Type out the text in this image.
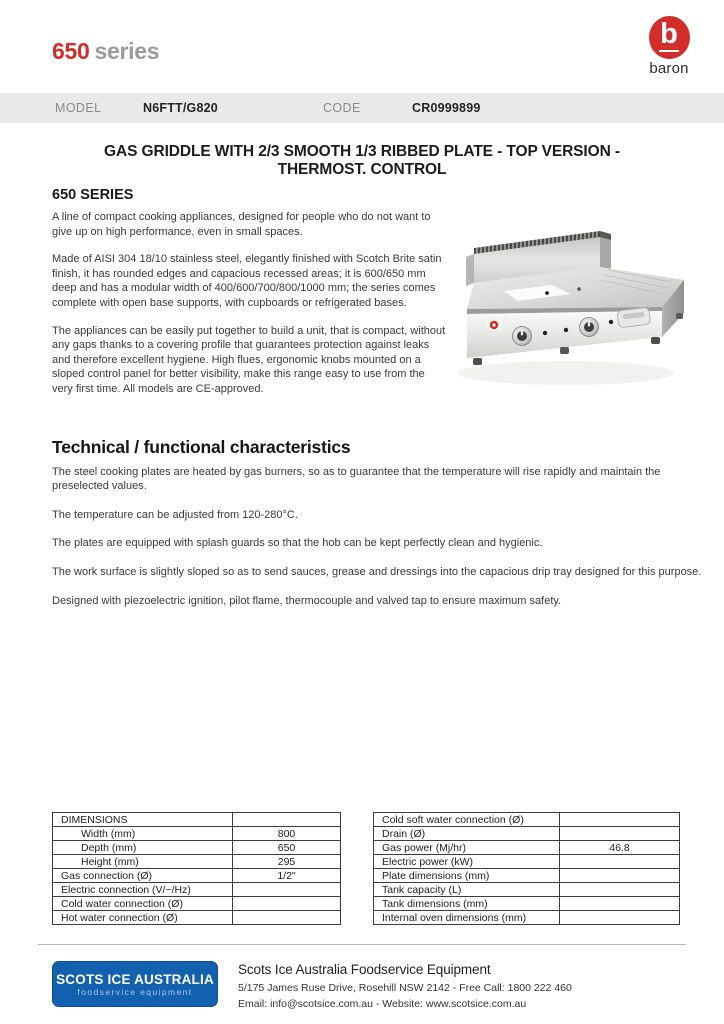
650 series
b
baron
MODEL	N6FTT/G820	CODE	CR0999899
GAS GRIDDLE WITH 2/3 SMOOTH 1/3 RIBBED PLATE - TOP VERSION -
THERMOST. CONTROL
650 SERIES

A line of compact cooking appliances, designed for people who do not want to give up on high performance, even in small spaces.

Made of AISI 304 18/10 stainless steel, elegantly finished with Scotch Brite satin finish, it has rounded edges and capacious recessed areas; it is 600/650 mm deep and has a modular width of 400/600/700/800/1000 mm; the series comes complete with open base supports, with cupboards or refrigerated bases.

The appliances can be easily put together to build a unit, that is compact, without any gaps thanks to a covering profile that guarantees protection against leaks and therefore excellent hygiene. High flues, ergonomic knobs mounted on a sloped control panel for better visibility, make this range easy to use from the very first time. All models are CE-approved.

Technical / functional characteristics

The steel cooking plates are heated by gas burners, so as to guarantee that the temperature will rise rapidly and maintain the preselected values.

The temperature can be adjusted from 120-280°C.

The plates are equipped with splash guards so that the hob can be kept perfectly clean and hygienic.

The work surface is slightly sloped so as to send sauces, grease and dressings into the capacious drip tray designed for this purpose.

Designed with piezoelectric ignition, pilot flame, thermocouple and valved tap to ensure maximum safety.

DIMENSIONS	
Width (mm)	800
Depth (mm)	650
Height (mm)	295
Gas connection (Ø)	1/2"
Electric connection (V/~/Hz)	
Cold water connection (Ø)	
Hot water connection (Ø)	
Cold soft water connection (Ø)	
Drain (Ø)	
Gas power (Mj/hr)	46.8
Electric power (kW)	
Plate dimensions (mm)	
Tank capacity (L)	
Tank dimensions (mm)	
Internal oven dimensions (mm)	
SCOTS ICE AUSTRALIA
foodservice equipment
Scots Ice Australia Foodservice Equipment
5/175 James Ruse Drive, Rosehill NSW 2142 - Free Call: 1800 222 460
Email: info@scotsice.com.au - Website: www.scotsice.com.au
